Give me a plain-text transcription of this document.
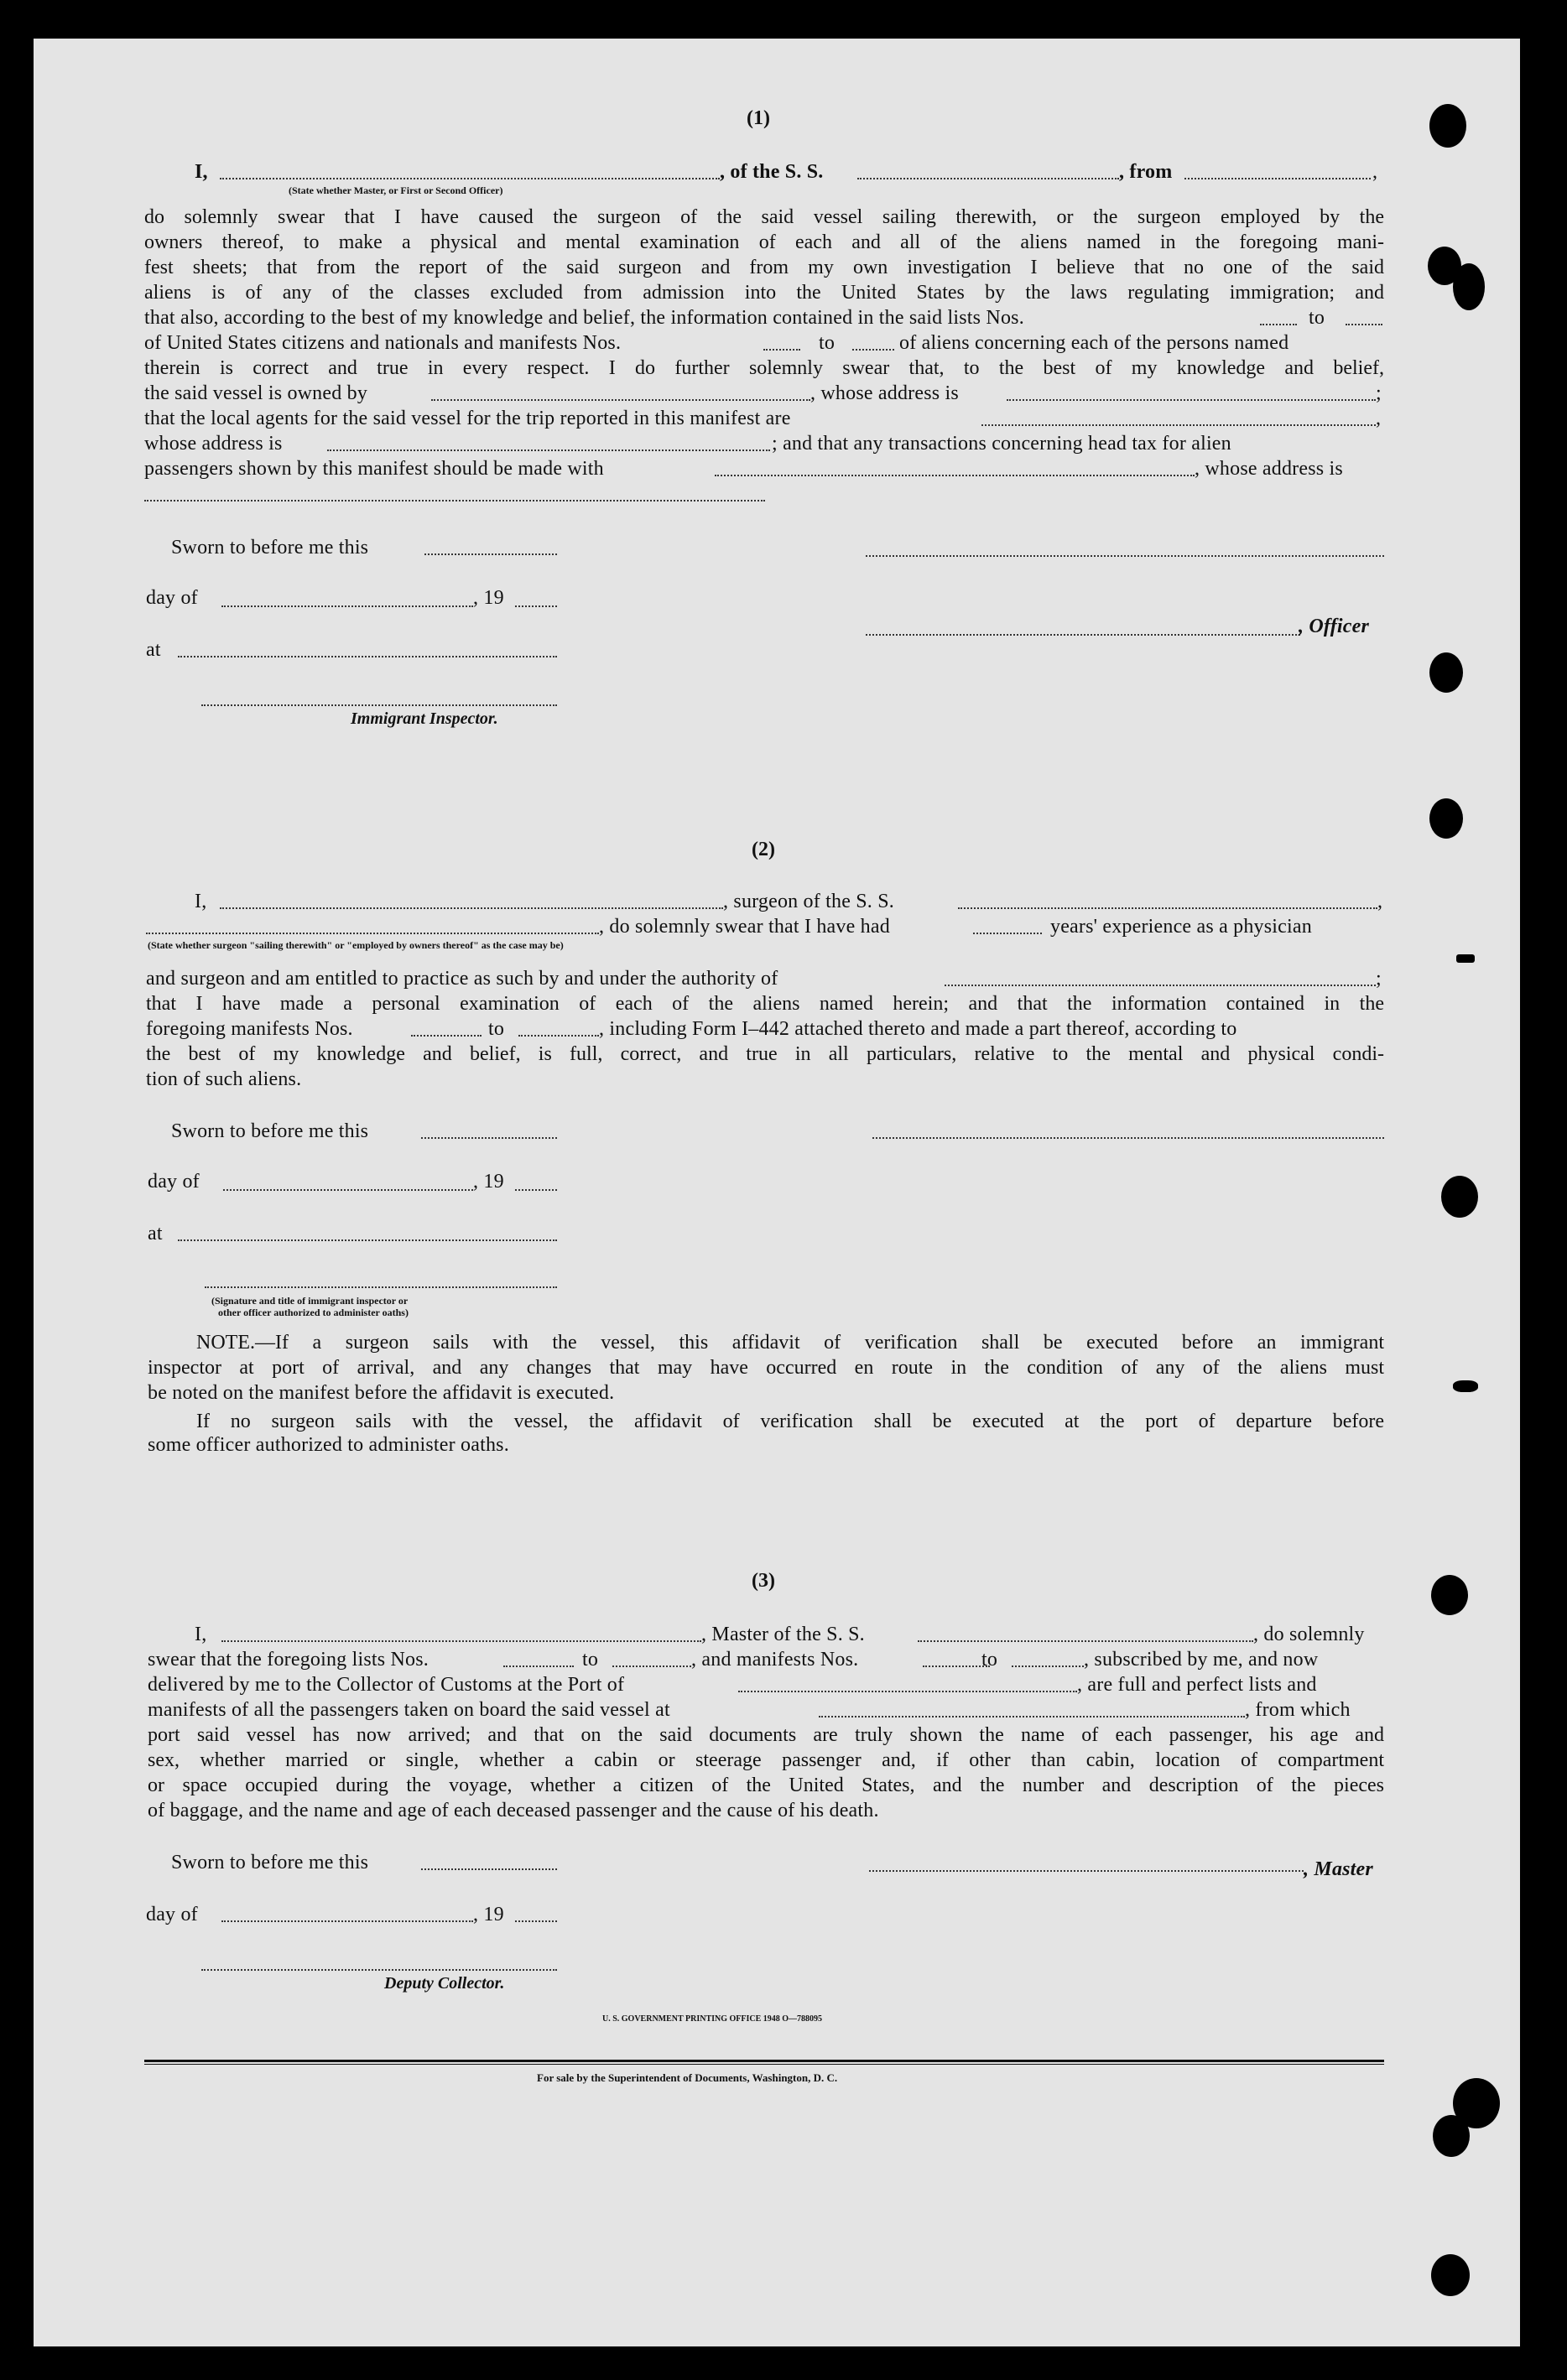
(1)
I,	, of the S. S.	, from	,
(State whether Master, or First or Second Officer)
do solemnly swear that I have caused the surgeon of the said vessel sailing therewith, or the surgeon employed by the
owners thereof, to make a physical and mental examination of each and all of the aliens named in the foregoing mani-
fest sheets; that from the report of the said surgeon and from my own investigation I believe that no one of the said
aliens is of any of the classes excluded from admission into the United States by the laws regulating immigration; and
that also, according to the best of my knowledge and belief, the information contained in the said lists Nos.	to
of United States citizens and nationals and manifests Nos.	to	of aliens concerning each of the persons named
therein is correct and true in every respect. I do further solemnly swear that, to the best of my knowledge and belief,
the said vessel is owned by	, whose address is	;
that the local agents for the said vessel for the trip reported in this manifest are	,
whose address is	; and that any transactions concerning head tax for alien
passengers shown by this manifest should be made with	, whose address is
Sworn to before me this
day of	, 19
, Officer
at
Immigrant Inspector.
(2)
I,	, surgeon of the S. S.	,
, do solemnly swear that I have had	years' experience as a physician
(State whether surgeon "sailing therewith" or "employed by owners thereof" as the case may be)
and surgeon and am entitled to practice as such by and under the authority of	;
that I have made a personal examination of each of the aliens named herein; and that the information contained in the
foregoing manifests Nos.	to	, including Form I–442 attached thereto and made a part thereof, according to
the best of my knowledge and belief, is full, correct, and true in all particulars, relative to the mental and physical condi-
tion of such aliens.
Sworn to before me this
day of	, 19
at
(Signature and title of immigrant inspector or
other officer authorized to administer oaths)
NOTE.—If a surgeon sails with the vessel, this affidavit of verification shall be executed before an immigrant
inspector at port of arrival, and any changes that may have occurred en route in the condition of any of the aliens must
be noted on the manifest before the affidavit is executed.
If no surgeon sails with the vessel, the affidavit of verification shall be executed at the port of departure before
some officer authorized to administer oaths.
(3)
I,	, Master of the S. S.	, do solemnly
swear that the foregoing lists Nos.	to	, and manifests Nos.	to	, subscribed by me, and now
delivered by me to the Collector of Customs at the Port of	, are full and perfect lists and
manifests of all the passengers taken on board the said vessel at	, from which
port said vessel has now arrived; and that on the said documents are truly shown the name of each passenger, his age and
sex, whether married or single, whether a cabin or steerage passenger and, if other than cabin, location of compartment
or space occupied during the voyage, whether a citizen of the United States, and the number and description of the pieces
of baggage, and the name and age of each deceased passenger and the cause of his death.
Sworn to before me this	, Master
day of	, 19
Deputy Collector.
U. S. GOVERNMENT PRINTING OFFICE 1948 O—788095
For sale by the Superintendent of Documents, Washington, D. C.
